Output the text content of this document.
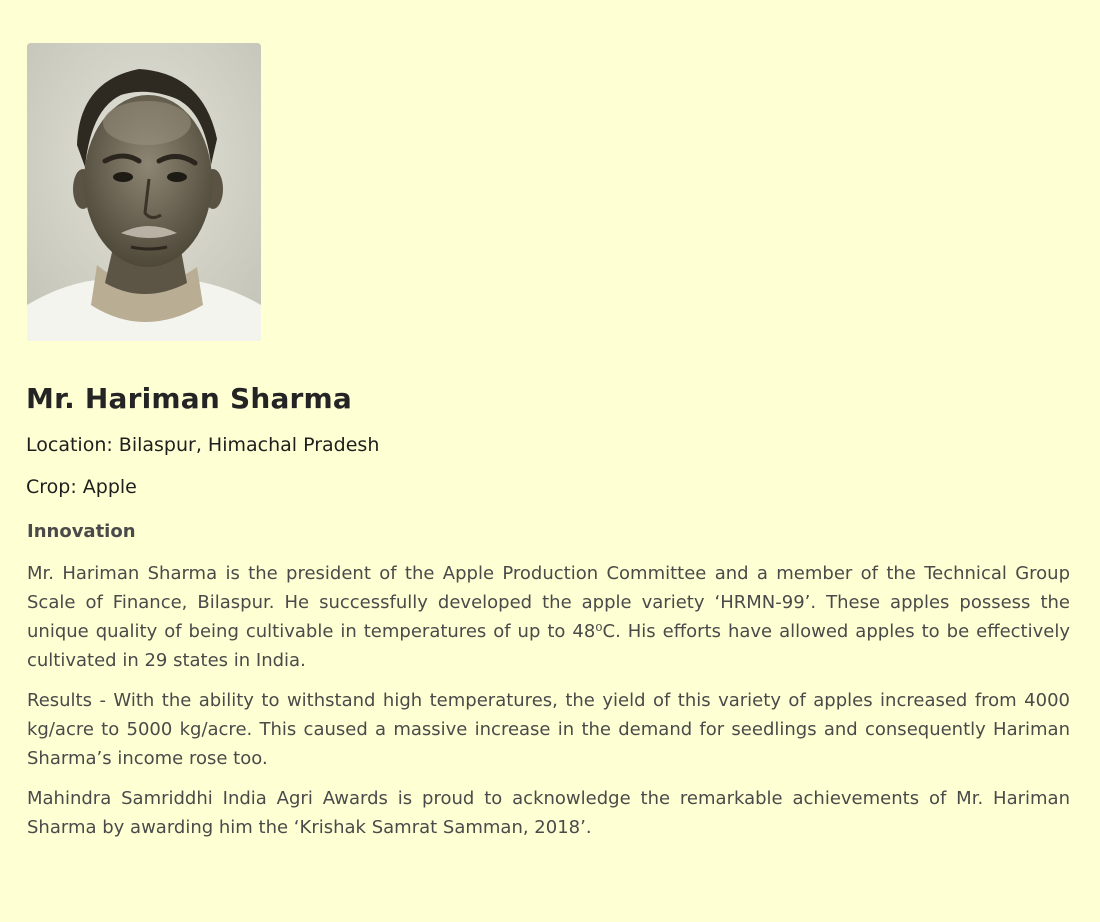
Mr. Hariman Sharma

Location: Bilaspur, Himachal Pradesh

Crop: Apple

Innovation

Mr. Hariman Sharma is the president of the Apple Production Committee and a member of the Technical Group Scale of Finance, Bilaspur. He successfully developed the apple variety ‘HRMN-99’. These apples possess the unique quality of being cultivable in temperatures of up to 48⁰C. His efforts have allowed apples to be effectively cultivated in 29 states in India.

Results - With the ability to withstand high temperatures, the yield of this variety of apples increased from 4000 kg/acre to 5000 kg/acre. This caused a massive increase in the demand for seedlings and consequently Hariman Sharma’s income rose too.

Mahindra Samriddhi India Agri Awards is proud to acknowledge the remarkable achievements of Mr. Hariman Sharma by awarding him the ‘Krishak Samrat Samman, 2018’.
